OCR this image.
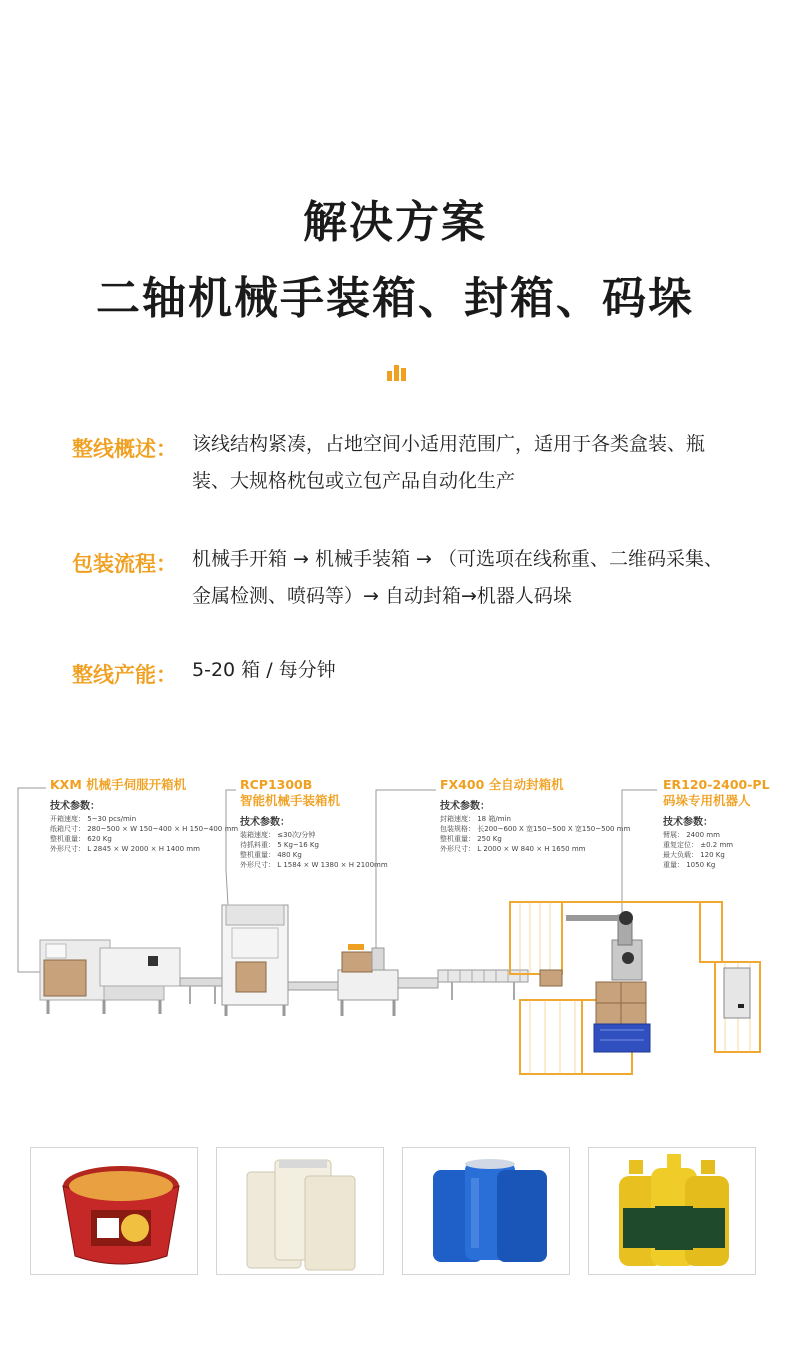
解决方案
二轴机械手装箱、封箱、码垛
整线概述： 该线结构紧凑，占地空间小适用范围广，适用于各类盒装、瓶装、大规格枕包或立包产品自动化生产
包装流程： 机械手开箱 → 机械手装箱 → （可选项在线称重、二维码采集、金属检测、喷码等）→ 自动封箱→机器人码垛
整线产能： 5-20 箱 / 每分钟
KXM 机械手伺服开箱机
技术参数：
开箱速度： 5~30 pcs/min
纸箱尺寸： 280~500 × W 150~400 × H 150~400 mm
整机重量： 620 Kg
外形尺寸： L 2845 × W 2000 × H 1400 mm
RCP1300B
智能机械手装箱机
技术参数：
装箱速度： ≤30次/分钟
待抓料重： 5 Kg~16 Kg
整机重量： 480 Kg
外形尺寸： L 1584 × W 1380 × H 2100mm
FX400 全自动封箱机
技术参数：
封箱速度： 18 箱/min
包装规格： 长200~600 X 宽150~500 X 宽150~500 mm
整机重量： 250 Kg
外形尺寸： L 2000 × W 840 × H 1650 mm
ER120-2400-PL
码垛专用机器人
技术参数：
臂展： 2400 mm
重复定位： ±0.2 mm
最大负载： 120 Kg
重量： 1050 Kg
